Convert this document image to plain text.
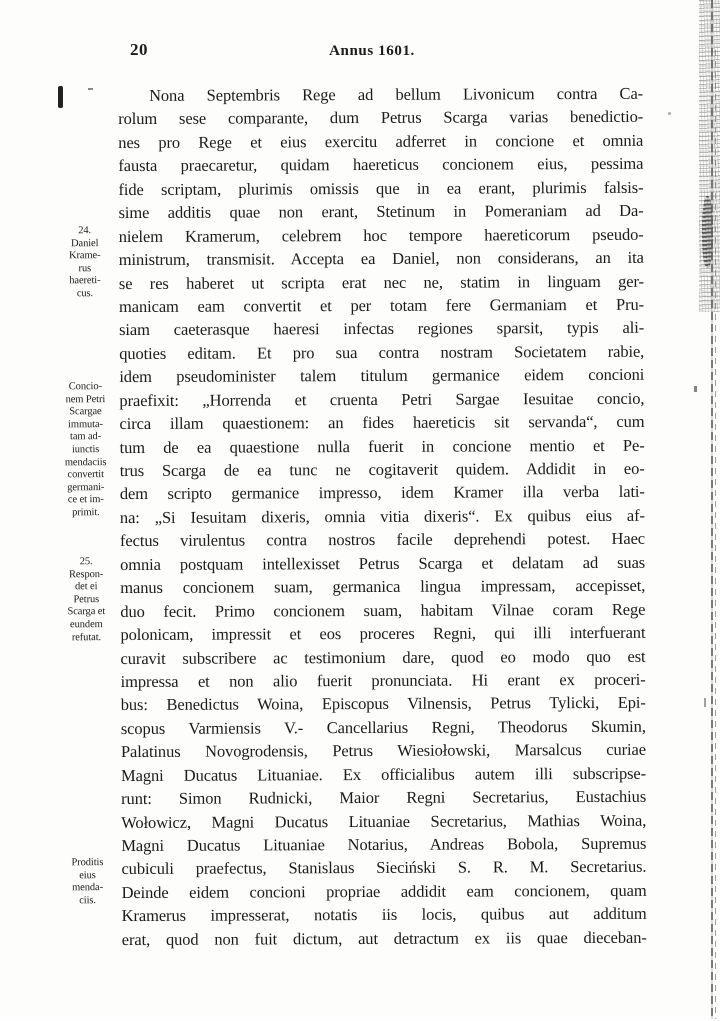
20	Annus 1601.
24.
Daniel
Krame-
rus
haereti-
cus.
Concio-
nem Petri
Scargae
immuta-
tam ad-
iunctis
mendaciis
convertit
germani-
ce et im-
primit.
25.
Respon-
det ei
Petrus
Scarga et
eundem
refutat.
Proditis
eius
menda-
ciis.
Nona Septembris Rege ad bellum Livonicum contra Ca-
rolum sese comparante, dum Petrus Scarga varias benedictio-
nes pro Rege et eius exercitu adferret in concione et omnia
fausta praecaretur, quidam haereticus concionem eius, pessima
fide scriptam, plurimis omissis que in ea erant, plurimis falsis-
sime additis quae non erant, Stetinum in Pomeraniam ad Da-
nielem Kramerum, celebrem hoc tempore haereticorum pseudo-
ministrum, transmisit. Accepta ea Daniel, non considerans, an ita
se res haberet ut scripta erat nec ne, statim in linguam ger-
manicam eam convertit et per totam fere Germaniam et Pru-
siam caeterasque haeresi infectas regiones sparsit, typis ali-
quoties editam. Et pro sua contra nostram Societatem rabie,
idem pseudominister talem titulum germanice eidem concioni
praefixit: „Horrenda et cruenta Petri Sargae Iesuitae concio,
circa illam quaestionem: an fides haereticis sit servanda“, cum
tum de ea quaestione nulla fuerit in concione mentio et Pe-
trus Scarga de ea tunc ne cogitaverit quidem. Addidit in eo-
dem scripto germanice impresso, idem Kramer illa verba lati-
na: „Si Iesuitam dixeris, omnia vitia dixeris“. Ex quibus eius af-
fectus virulentus contra nostros facile deprehendi potest. Haec
omnia postquam intellexisset Petrus Scarga et delatam ad suas
manus concionem suam, germanica lingua impressam, accepisset,
duo fecit. Primo concionem suam, habitam Vilnae coram Rege
polonicam, impressit et eos proceres Regni, qui illi interfuerant
curavit subscribere ac testimonium dare, quod eo modo quo est
impressa et non alio fuerit pronunciata. Hi erant ex proceri-
bus: Benedictus Woina, Episcopus Vilnensis, Petrus Tylicki, Epi-
scopus Varmiensis V.- Cancellarius Regni, Theodorus Skumin,
Palatinus Novogrodensis, Petrus Wiesiołowski, Marsalcus curiae
Magni Ducatus Lituaniae. Ex officialibus autem illi subscripse-
runt: Simon Rudnicki, Maior Regni Secretarius, Eustachius
Wołowicz, Magni Ducatus Lituaniae Secretarius, Mathias Woina,
Magni Ducatus Lituaniae Notarius, Andreas Bobola, Supremus
cubiculi praefectus, Stanislaus Sieciński S. R. M. Secretarius.
Deinde eidem concioni propriae addidit eam concionem, quam
Kramerus impresserat, notatis iis locis, quibus aut additum
erat, quod non fuit dictum, aut detractum ex iis quae dieceban-
